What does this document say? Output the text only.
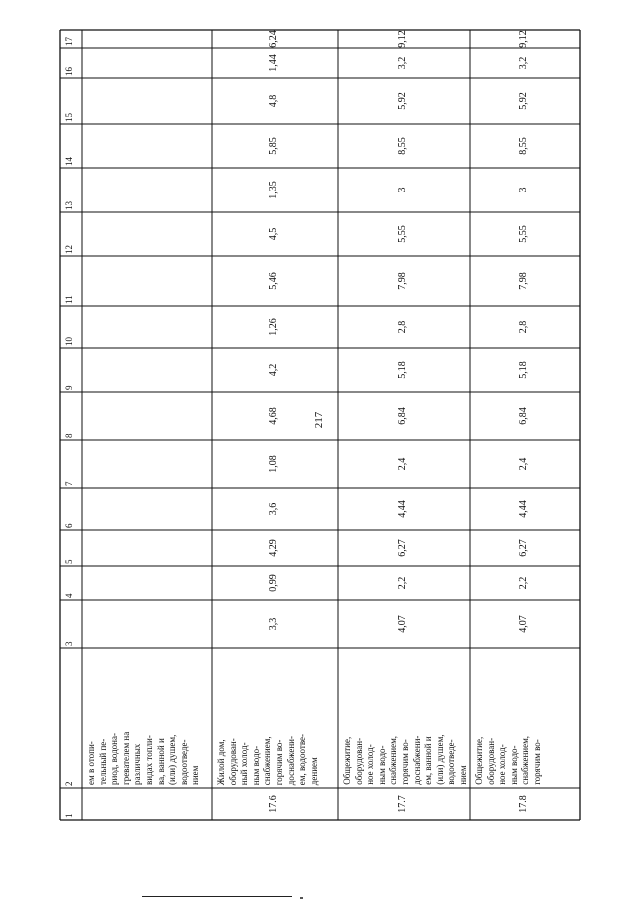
217
1
2
3
4
5
6
7
8
9
10
11
12
13
14
15
16
17
ем в отопи- тельный пе- риод, водона- гревателем на различных видах топли- ва, ванной и (или) душем, водоотведе- нием
17.6
Жилой дом, оборудован- ный холод- ным водо- снабжением, горячим во- доснабжени- ем, водоотве- дением
3,3
0,99
4,29
3,6
1,08
4,68
4,2
1,26
5,46
4,5
1,35
5,85
4,8
1,44
6,24
17.7
Общежитие, оборудован- ное холод- ным водо- снабжением, горячим во- доснабжени- ем, ванной и (или) душем, водоотведе- нием
4,07
2,2
6,27
4,44
2,4
6,84
5,18
2,8
7,98
5,55
3
8,55
5,92
3,2
9,12
17.8
Общежитие, оборудован- ное холод- ным водо- снабжением, горячим во-
4,07
2,2
6,27
4,44
2,4
6,84
5,18
2,8
7,98
5,55
3
8,55
5,92
3,2
9,12
